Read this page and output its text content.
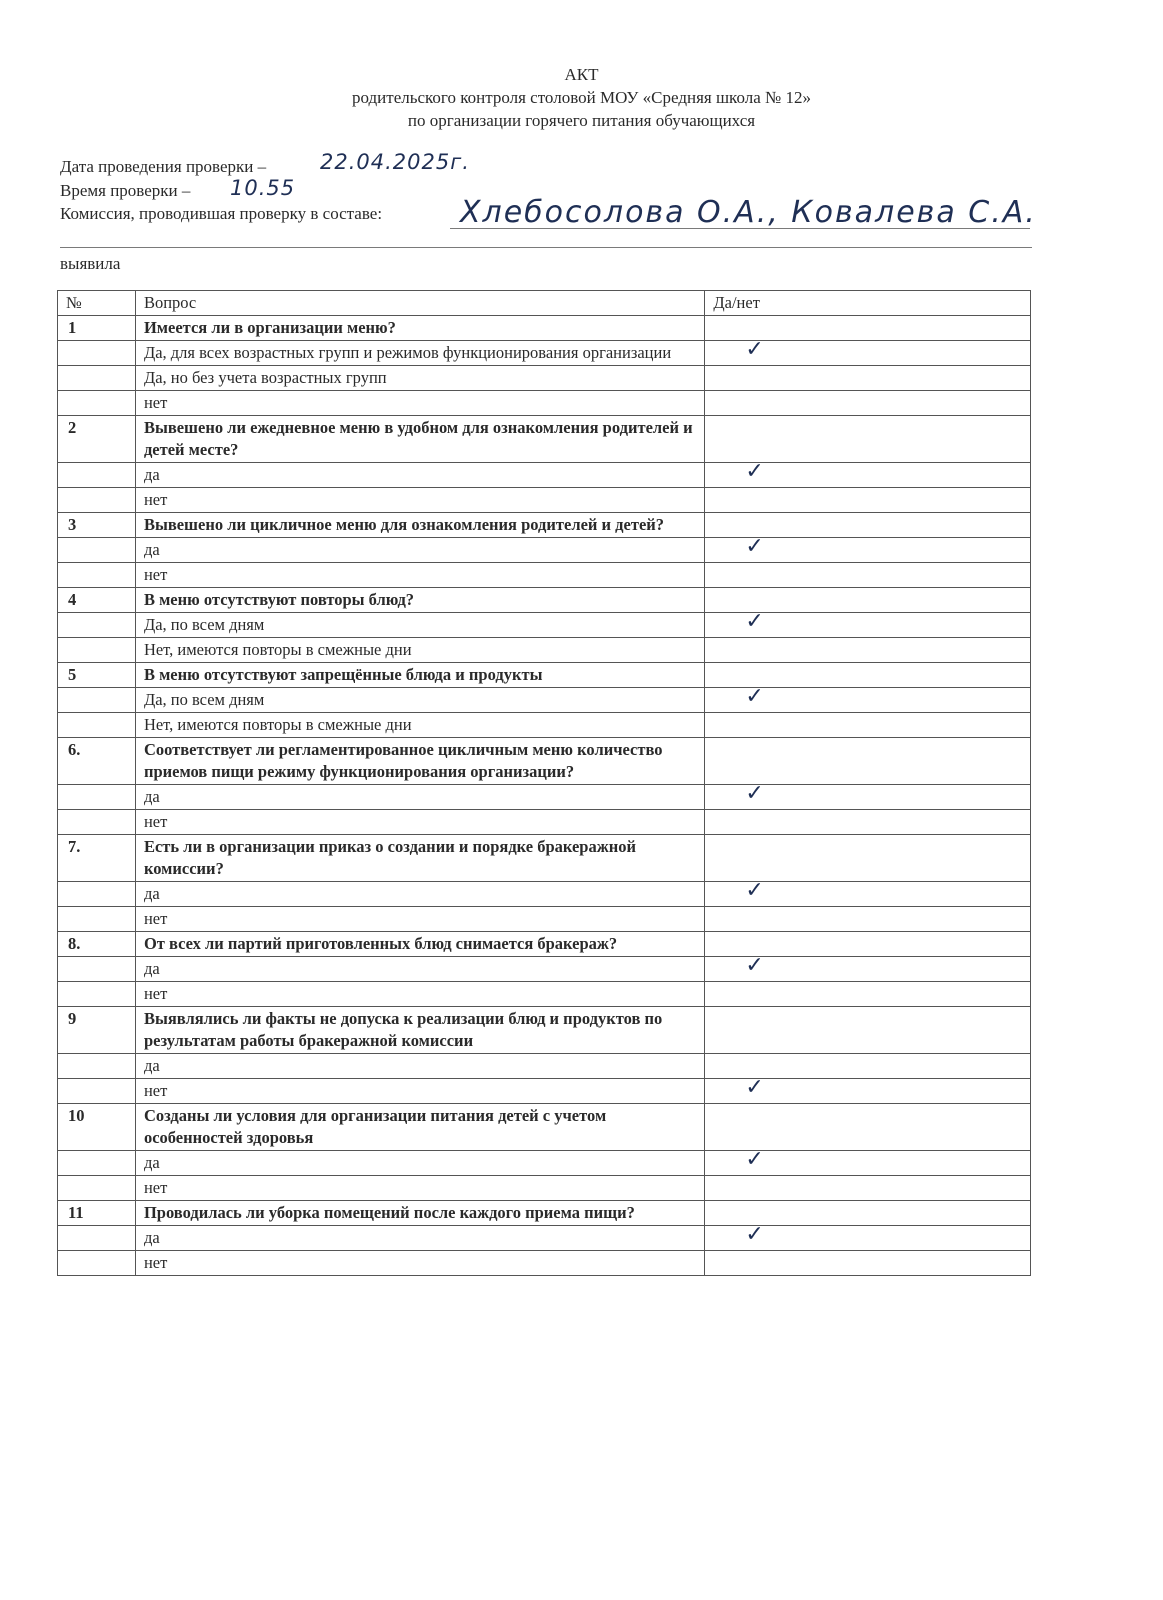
АКТ
родительского контроля столовой МОУ «Средняя школа № 12»
по организации горячего питания обучающихся
Дата проведения проверки –	22.04.2025г.
Время проверки – 10.55
Комиссия, проводившая проверку в составе:	Хлебосолова О.А., Ковалева С.А.
выявила
№	Вопрос	Да/нет
1	Имеется ли в организации меню?	
	Да, для всех возрастных групп и режимов функционирования организации	✓

	Да, но без учета возрастных групп	
	нет	
2	Вывешено ли ежедневное меню в удобном для ознакомления родителей и детей месте?	
	да	✓

	нет	
3	Вывешено ли цикличное меню для ознакомления родителей и детей?	
	да	✓

	нет	
4	В меню отсутствуют повторы блюд?	
	Да, по всем дням	✓

	Нет, имеются повторы в смежные дни	
5	В меню отсутствуют запрещённые блюда и продукты	
	Да, по всем дням	✓

	Нет, имеются повторы в смежные дни	
6.	Соответствует ли регламентированное цикличным меню количество приемов пищи режиму функционирования организации?	
	да	✓

	нет	
7.	Есть ли в организации приказ о создании и порядке бракеражной комиссии?	
	да	✓

	нет	
8.	От всех ли партий приготовленных блюд снимается бракераж?	
	да	✓

	нет	
9	Выявлялись ли факты не допуска к реализации блюд и продуктов по результатам работы бракеражной комиссии	
	да	
	нет	✓

10	Созданы ли условия для организации питания детей с учетом особенностей здоровья	
	да	✓

	нет	
11	Проводилась ли уборка помещений после каждого приема пищи?	
	да	✓

	нет	
